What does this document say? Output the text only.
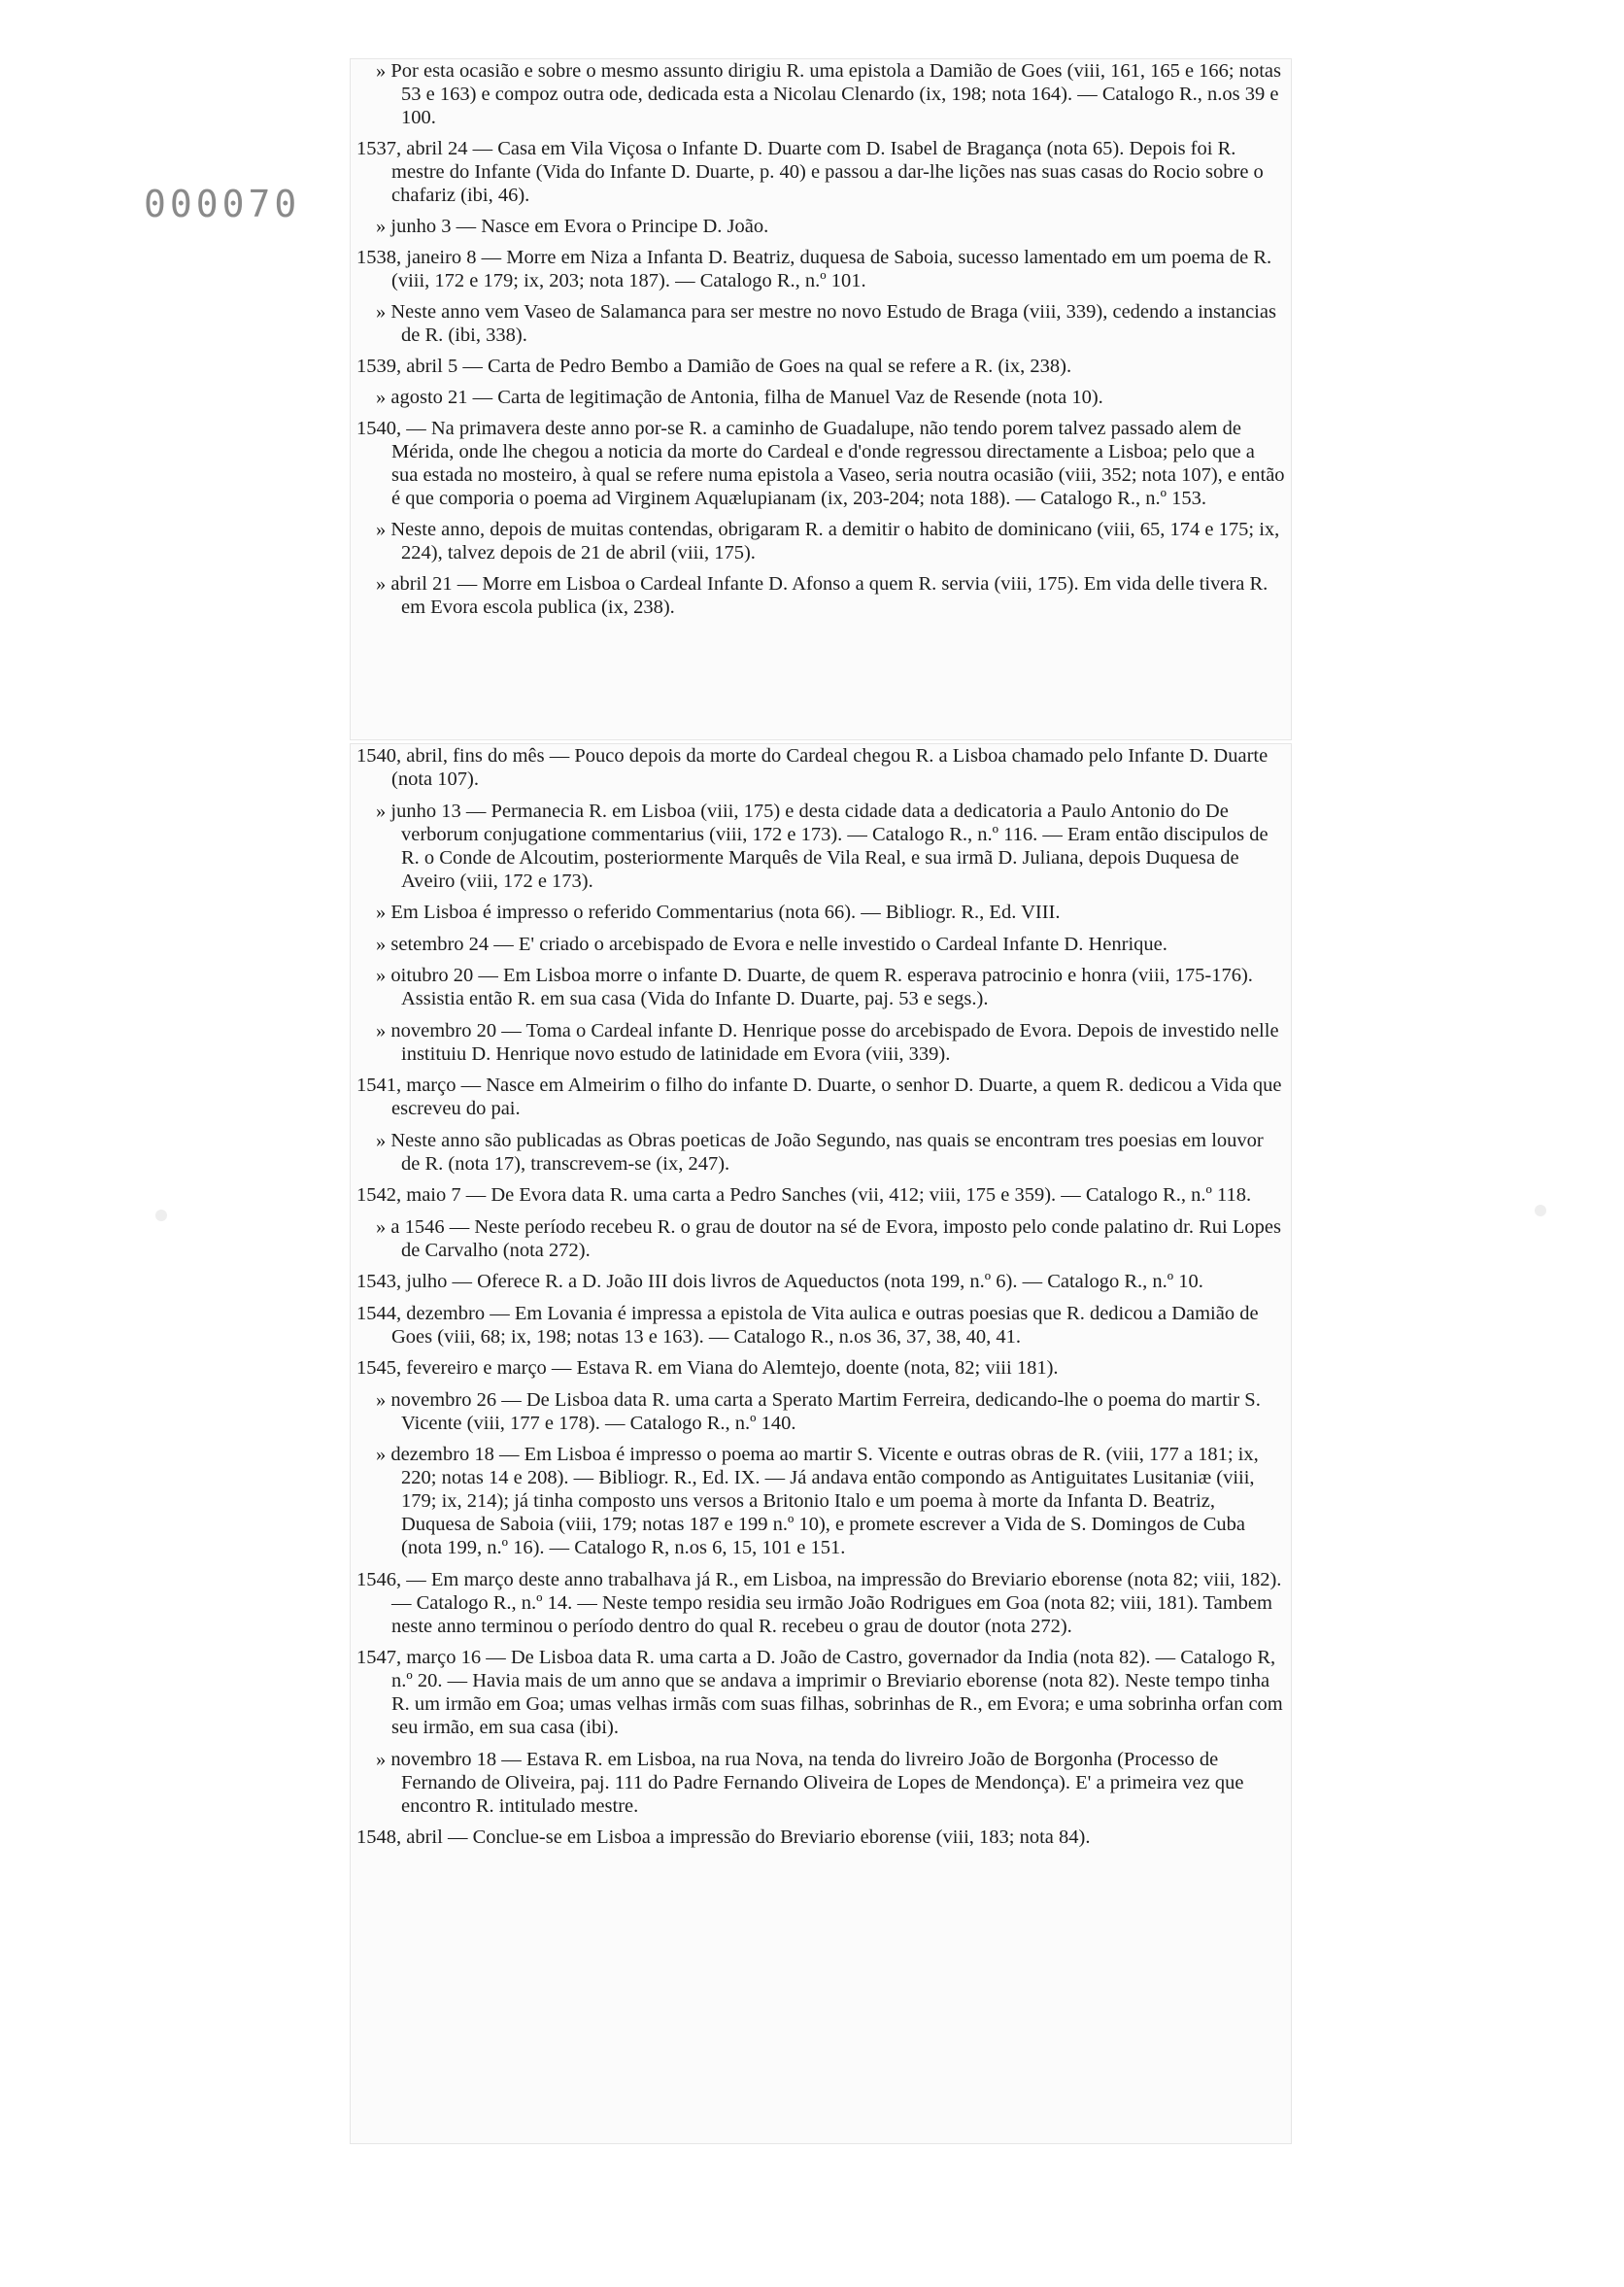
000070

» Por esta ocasião e sobre o mesmo assunto dirigiu R. uma epistola a Damião de Goes (viii, 161, 165 e 166; notas 53 e 163) e compoz outra ode, dedicada esta a Nicolau Clenardo (ix, 198; nota 164). — Catalogo R., n.os 39 e 100.

1537, abril 24 — Casa em Vila Viçosa o Infante D. Duarte com D. Isabel de Bragança (nota 65). Depois foi R. mestre do Infante (Vida do Infante D. Duarte, p. 40) e passou a dar-lhe lições nas suas casas do Rocio sobre o chafariz (ibi, 46).

» junho 3 — Nasce em Evora o Principe D. João.

1538, janeiro 8 — Morre em Niza a Infanta D. Beatriz, duquesa de Saboia, sucesso lamentado em um poema de R. (viii, 172 e 179; ix, 203; nota 187). — Catalogo R., n.º 101.

» Neste anno vem Vaseo de Salamanca para ser mestre no novo Estudo de Braga (viii, 339), cedendo a instancias de R. (ibi, 338).

1539, abril 5 — Carta de Pedro Bembo a Damião de Goes na qual se refere a R. (ix, 238).

» agosto 21 — Carta de legitimação de Antonia, filha de Manuel Vaz de Resende (nota 10).

1540, — Na primavera deste anno por-se R. a caminho de Guadalupe, não tendo porem talvez passado alem de Mérida, onde lhe chegou a noticia da morte do Cardeal e d'onde regressou directamente a Lisboa; pelo que a sua estada no mosteiro, à qual se refere numa epistola a Vaseo, seria noutra ocasião (viii, 352; nota 107), e então é que comporia o poema ad Virginem Aquælupianam (ix, 203-204; nota 188). — Catalogo R., n.º 153.

» Neste anno, depois de muitas contendas, obrigaram R. a demitir o habito de dominicano (viii, 65, 174 e 175; ix, 224), talvez depois de 21 de abril (viii, 175).

» abril 21 — Morre em Lisboa o Cardeal Infante D. Afonso a quem R. servia (viii, 175). Em vida delle tivera R. em Evora escola publica (ix, 238).

1540, abril, fins do mês — Pouco depois da morte do Cardeal chegou R. a Lisboa chamado pelo Infante D. Duarte (nota 107).

» junho 13 — Permanecia R. em Lisboa (viii, 175) e desta cidade data a dedicatoria a Paulo Antonio do De verborum conjugatione commentarius (viii, 172 e 173). — Catalogo R., n.º 116. — Eram então discipulos de R. o Conde de Alcoutim, posteriormente Marquês de Vila Real, e sua irmã D. Juliana, depois Duquesa de Aveiro (viii, 172 e 173).

» Em Lisboa é impresso o referido Commentarius (nota 66). — Bibliogr. R., Ed. VIII.

» setembro 24 — E' criado o arcebispado de Evora e nelle investido o Cardeal Infante D. Henrique.

» oitubro 20 — Em Lisboa morre o infante D. Duarte, de quem R. esperava patrocinio e honra (viii, 175-176). Assistia então R. em sua casa (Vida do Infante D. Duarte, paj. 53 e segs.).

» novembro 20 — Toma o Cardeal infante D. Henrique posse do arcebispado de Evora. Depois de investido nelle instituiu D. Henrique novo estudo de latinidade em Evora (viii, 339).

1541, março — Nasce em Almeirim o filho do infante D. Duarte, o senhor D. Duarte, a quem R. dedicou a Vida que escreveu do pai.

» Neste anno são publicadas as Obras poeticas de João Segundo, nas quais se encontram tres poesias em louvor de R. (nota 17), transcrevem-se (ix, 247).

1542, maio 7 — De Evora data R. uma carta a Pedro Sanches (vii, 412; viii, 175 e 359). — Catalogo R., n.º 118.

» a 1546 — Neste período recebeu R. o grau de doutor na sé de Evora, imposto pelo conde palatino dr. Rui Lopes de Carvalho (nota 272).

1543, julho — Oferece R. a D. João III dois livros de Aqueductos (nota 199, n.º 6). — Catalogo R., n.º 10.

1544, dezembro — Em Lovania é impressa a epistola de Vita aulica e outras poesias que R. dedicou a Damião de Goes (viii, 68; ix, 198; notas 13 e 163). — Catalogo R., n.os 36, 37, 38, 40, 41.

1545, fevereiro e março — Estava R. em Viana do Alemtejo, doente (nota, 82; viii 181).

» novembro 26 — De Lisboa data R. uma carta a Sperato Martim Ferreira, dedicando-lhe o poema do martir S. Vicente (viii, 177 e 178). — Catalogo R., n.º 140.

» dezembro 18 — Em Lisboa é impresso o poema ao martir S. Vicente e outras obras de R. (viii, 177 a 181; ix, 220; notas 14 e 208). — Bibliogr. R., Ed. IX. — Já andava então compondo as Antiguitates Lusitaniæ (viii, 179; ix, 214); já tinha composto uns versos a Britonio Italo e um poema à morte da Infanta D. Beatriz, Duquesa de Saboia (viii, 179; notas 187 e 199 n.º 10), e promete escrever a Vida de S. Domingos de Cuba (nota 199, n.º 16). — Catalogo R, n.os 6, 15, 101 e 151.

1546, — Em março deste anno trabalhava já R., em Lisboa, na impressão do Breviario eborense (nota 82; viii, 182). — Catalogo R., n.º 14. — Neste tempo residia seu irmão João Rodrigues em Goa (nota 82; viii, 181). Tambem neste anno terminou o período dentro do qual R. recebeu o grau de doutor (nota 272).

1547, março 16 — De Lisboa data R. uma carta a D. João de Castro, governador da India (nota 82). — Catalogo R, n.º 20. — Havia mais de um anno que se andava a imprimir o Breviario eborense (nota 82). Neste tempo tinha R. um irmão em Goa; umas velhas irmãs com suas filhas, sobrinhas de R., em Evora; e uma sobrinha orfan com seu irmão, em sua casa (ibi).

» novembro 18 — Estava R. em Lisboa, na rua Nova, na tenda do livreiro João de Borgonha (Processo de Fernando de Oliveira, paj. 111 do Padre Fernando Oliveira de Lopes de Mendonça). E' a primeira vez que encontro R. intitulado mestre.

1548, abril — Conclue-se em Lisboa a impressão do Breviario eborense (viii, 183; nota 84).
